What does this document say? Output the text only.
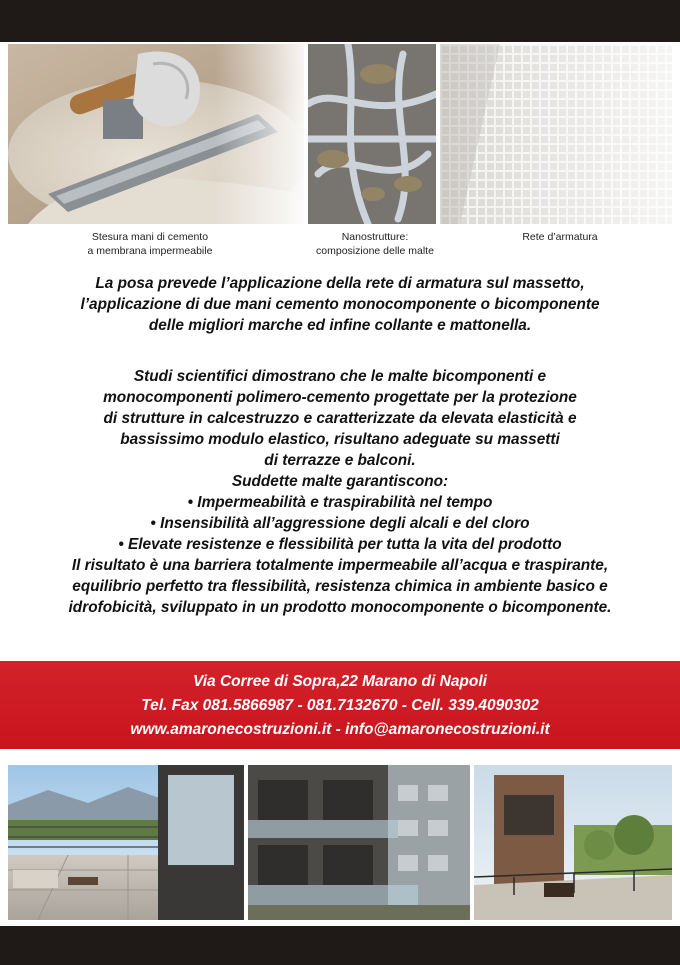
Stesura mani di cemento
a membrana impermeabile
Nanostrutture:
composizione delle malte
Rete d’armatura

La posa prevede l’applicazione della rete di armatura sul massetto,

l’applicazione di due mani cemento monocomponente o bicomponente

delle migliori marche ed infine collante e mattonella.

Studi scientifici dimostrano che le malte bicomponenti e

monocomponenti polimero-cemento progettate per la protezione

di strutture in calcestruzzo e caratterizzate da elevata elasticità e

bassissimo modulo elastico, risultano adeguate su massetti

di terrazze e balconi.

Suddette malte garantiscono:

• Impermeabilità e traspirabilità nel tempo

• Insensibilità all’aggressione degli alcali e del cloro

• Elevate resistenze e flessibilità per tutta la vita del prodotto

Il risultato è una barriera totalmente impermeabile all’acqua e traspirante,

equilibrio perfetto tra flessibilità, resistenza chimica in ambiente basico e

idrofobicità, sviluppato in un prodotto monocomponente o bicomponente.

Via Corree di Sopra,22 Marano di Napoli
Tel. Fax 081.5866987 - 081.7132670 - Cell. 339.4090302
www.amaronecostruzioni.it - info@amaronecostruzioni.it
